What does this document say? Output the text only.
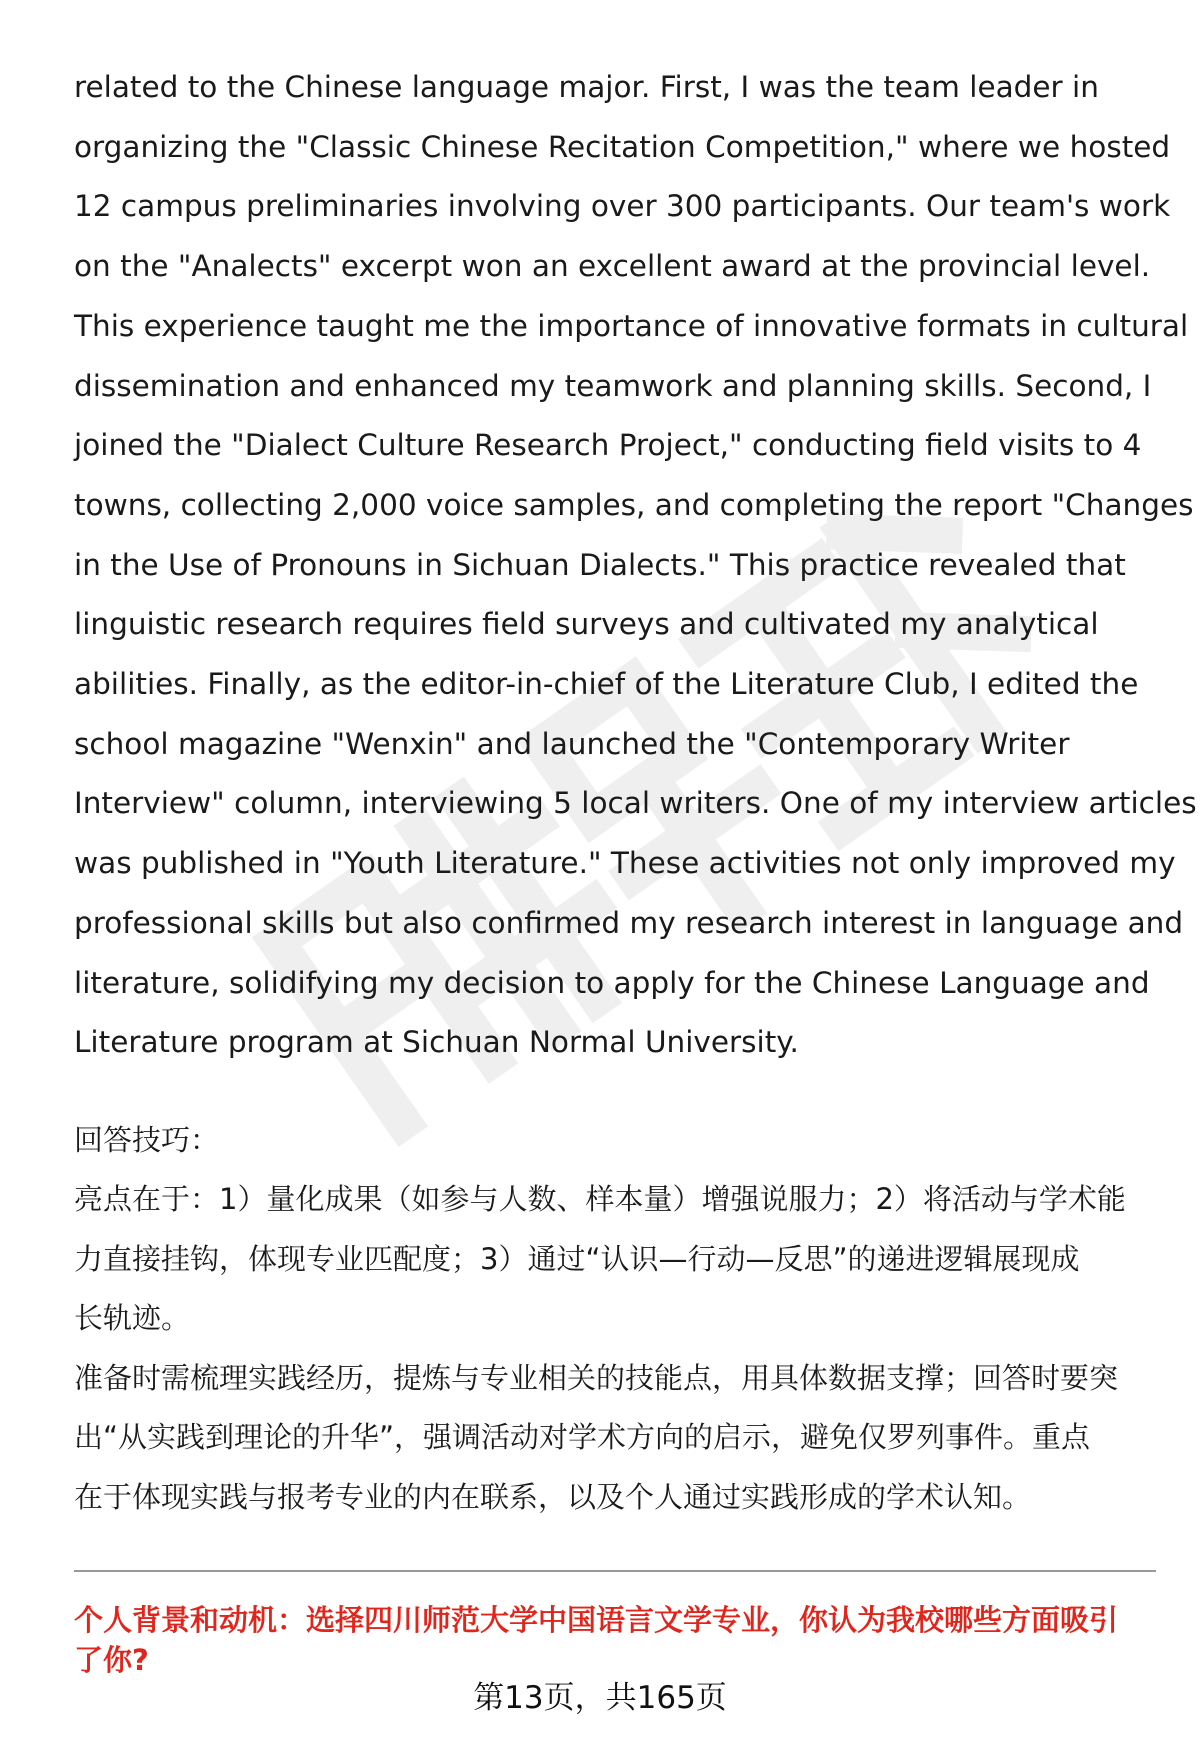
related to the Chinese language major. First, I was the team leader in
organizing the "Classic Chinese Recitation Competition," where we hosted
12 campus preliminaries involving over 300 participants. Our team's work
on the "Analects" excerpt won an excellent award at the provincial level.
This experience taught me the importance of innovative formats in cultural
dissemination and enhanced my teamwork and planning skills. Second, I
joined the "Dialect Culture Research Project," conducting field visits to 4
towns, collecting 2,000 voice samples, and completing the report "Changes
in the Use of Pronouns in Sichuan Dialects." This practice revealed that
linguistic research requires field surveys and cultivated my analytical
abilities. Finally, as the editor-in-chief of the Literature Club, I edited the
school magazine "Wenxin" and launched the "Contemporary Writer
Interview" column, interviewing 5 local writers. One of my interview articles
was published in "Youth Literature." These activities not only improved my
professional skills but also confirmed my research interest in language and
literature, solidifying my decision to apply for the Chinese Language and
Literature program at Sichuan Normal University.
回答技巧：
亮点在于：1）量化成果（如参与人数、样本量）增强说服力；2）将活动与学术能
力直接挂钩，体现专业匹配度；3）通过“认识—行动—反思”的递进逻辑展现成
长轨迹。
准备时需梳理实践经历，提炼与专业相关的技能点，用具体数据支撑；回答时要突
出“从实践到理论的升华”，强调活动对学术方向的启示，避免仅罗列事件。重点
在于体现实践与报考专业的内在联系，以及个人通过实践形成的学术认知。
个人背景和动机：选择四川师范大学中国语言文学专业，你认为我校哪些方面吸引
了你?
第13页，共165页
